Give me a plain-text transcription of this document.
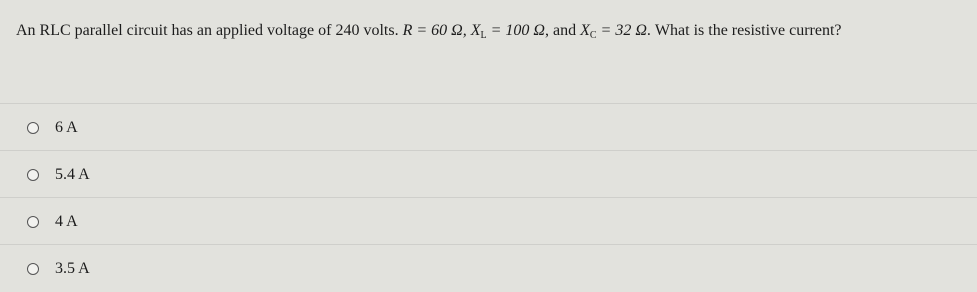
An RLC parallel circuit has an applied voltage of 240 volts. R = 60 Ω, $X_L = 100$ Ω, and $X_C = 32$ Ω. What is the resistive current?
6 A
5.4 A
4 A
3.5 A
